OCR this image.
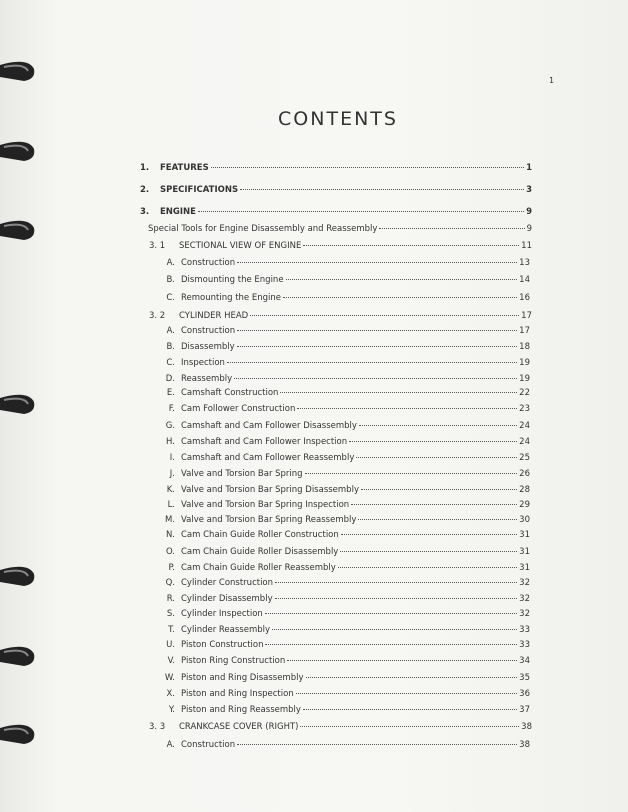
1
CONTENTS
1.	FEATURES	1
2.	SPECIFICATIONS	3
3.	ENGINE	9
Special Tools for Engine Disassembly and Reassembly	9
3. 1	SECTIONAL VIEW OF ENGINE	11
A. Construction	13
B. Dismounting the Engine	14
C. Remounting the Engine	16
3. 2	CYLINDER HEAD	17
A. Construction	17
B. Disassembly	18
C. Inspection	19
D. Reassembly	19
E. Camshaft Construction	22
F. Cam Follower Construction	23
G. Camshaft and Cam Follower Disassembly	24
H. Camshaft and Cam Follower Inspection	24
I. Camshaft and Cam Follower Reassembly	25
J. Valve and Torsion Bar Spring	26
K. Valve and Torsion Bar Spring Disassembly	28
L. Valve and Torsion Bar Spring Inspection	29
M. Valve and Torsion Bar Spring Reassembly	30
N. Cam Chain Guide Roller Construction	31
O. Cam Chain Guide Roller Disassembly	31
P. Cam Chain Guide Roller Reassembly	31
Q. Cylinder Construction	32
R. Cylinder Disassembly	32
S. Cylinder Inspection	32
T. Cylinder Reassembly	33
U. Piston Construction	33
V. Piston Ring Construction	34
W. Piston and Ring Disassembly	35
X. Piston and Ring Inspection	36
Y. Piston and Ring Reassembly	37
3. 3	CRANKCASE COVER (RIGHT)	38
A. Construction	38
